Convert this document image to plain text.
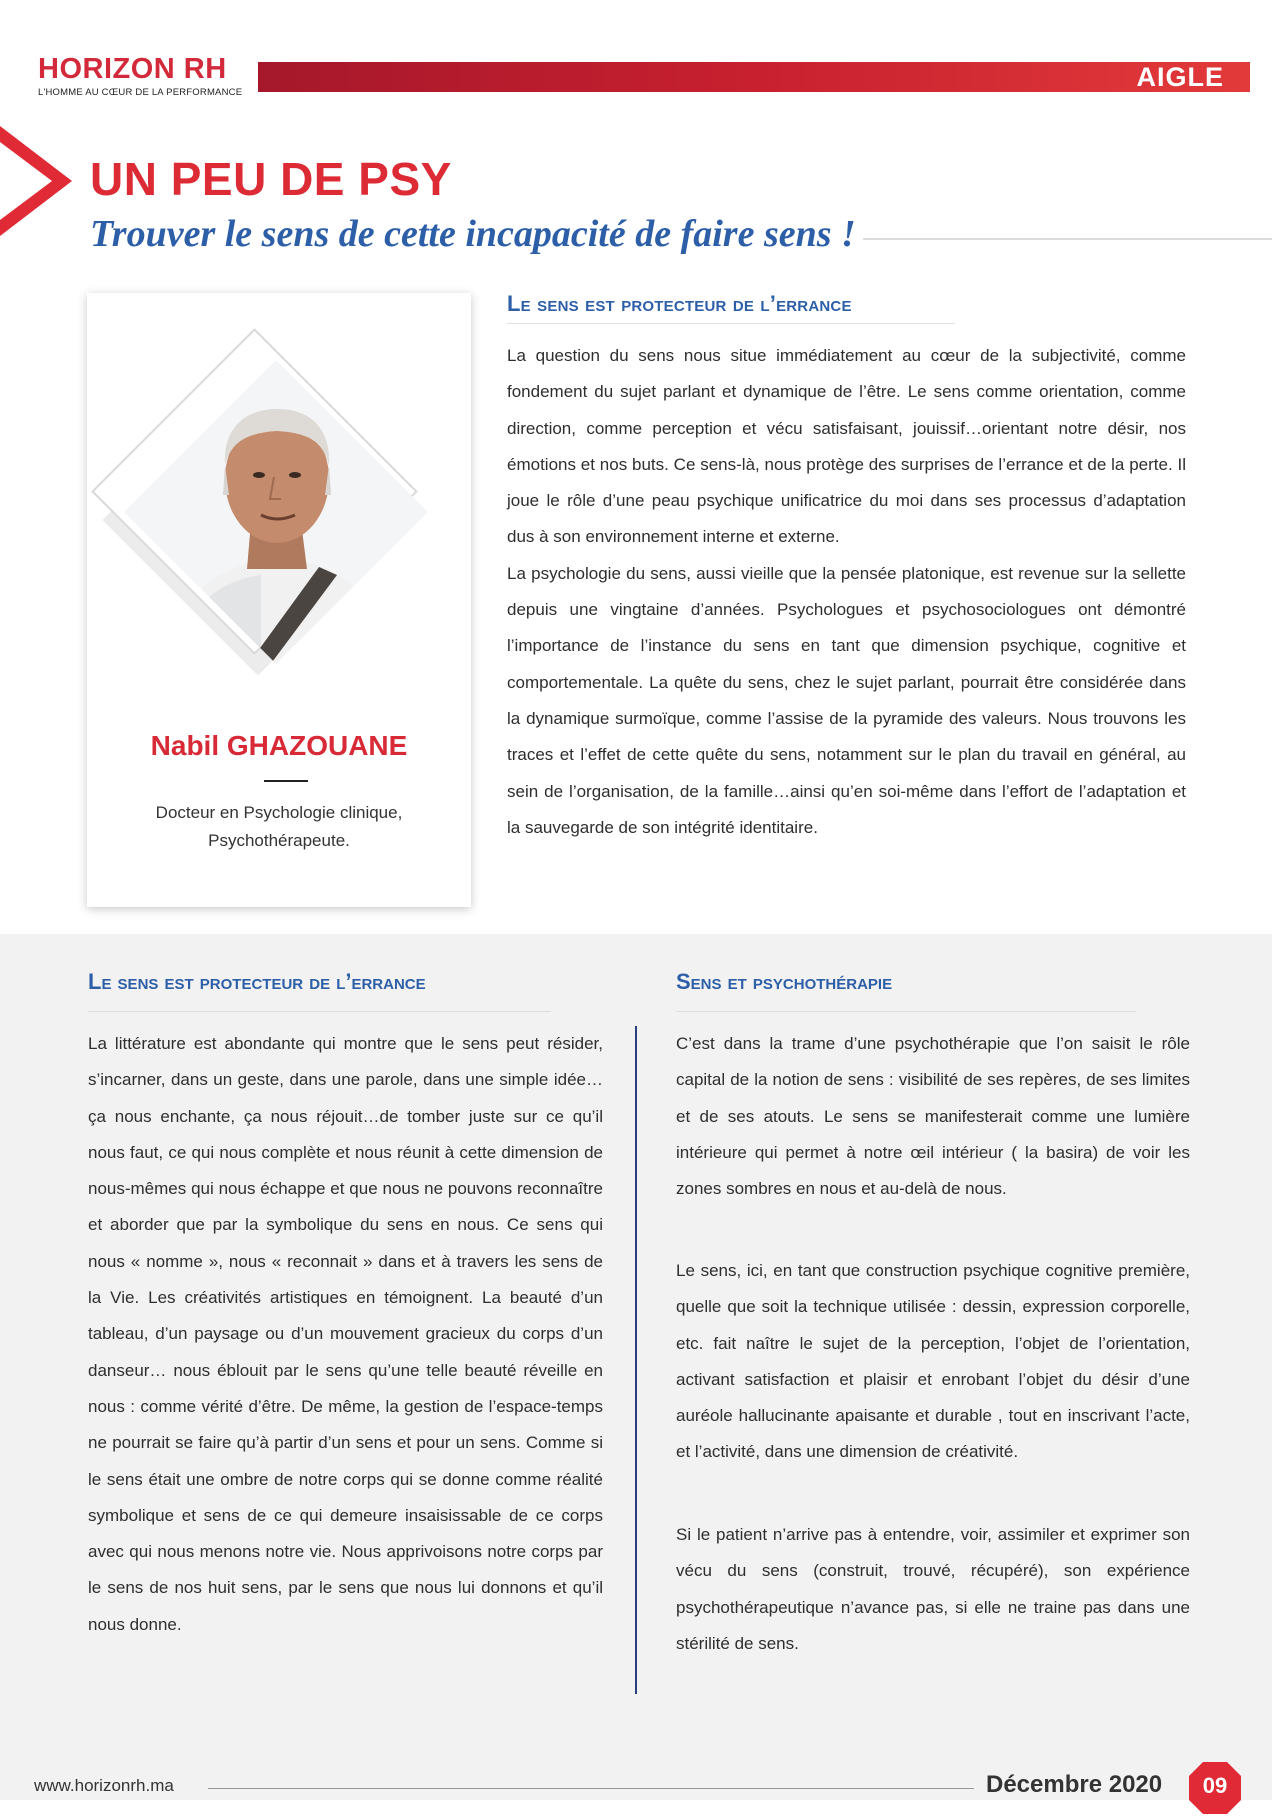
HORIZON RH
L'HOMME AU CŒUR DE LA PERFORMANCE
AIGLE
UN PEU DE PSY
Trouver le sens de cette incapacité de faire sens !
Nabil GHAZOUANE
Docteur en Psychologie clinique,
Psychothérapeute.
Le sens est protecteur de l’errance

La question du sens nous situe immédiatement au cœur de la subjectivité, comme fondement du sujet parlant et dynamique de l’être. Le sens comme orientation, comme direction, comme perception et vécu satisfaisant, jouissif…orientant notre désir, nos émotions et nos buts. Ce sens-là, nous protège des surprises de l’errance et de la perte. Il joue le rôle d’une peau psychique unificatrice du moi dans ses processus d’adaptation dus à son environnement interne et externe.

La psychologie du sens, aussi vieille que la pensée platonique, est revenue sur la sellette depuis une vingtaine d’années. Psychologues et psychosociologues ont démontré l’importance de l’instance du sens en tant que dimension psychique, cognitive et comportementale. La quête du sens, chez le sujet parlant, pourrait être considérée dans la dynamique surmoïque, comme l’assise de la pyramide des valeurs. Nous trouvons les traces et l’effet de cette quête du sens, notamment sur le plan du travail en général, au sein de l’organisation, de la famille…ainsi qu’en soi-même dans l’effort de l’adaptation et la sauvegarde de son intégrité identitaire.

Le sens est protecteur de l’errance

La littérature est abondante qui montre que le sens peut résider, s’incarner, dans un geste, dans une parole, dans une simple idée…ça nous enchante, ça nous réjouit…de tomber juste sur ce qu’il nous faut, ce qui nous complète et nous réunit à cette dimension de nous-mêmes qui nous échappe et que nous ne pouvons reconnaître et aborder que par la symbolique du sens en nous. Ce sens qui nous « nomme », nous « reconnait » dans et à travers les sens de la Vie. Les créativités artistiques en témoignent. La beauté d’un tableau, d’un paysage ou d’un mouvement gracieux du corps d’un danseur… nous éblouit par le sens qu’une telle beauté réveille en nous : comme vérité d’être. De même, la gestion de l’espace-temps ne pourrait se faire qu’à partir d’un sens et pour un sens. Comme si le sens était une ombre de notre corps qui se donne comme réalité symbolique et sens de ce qui demeure insaisissable de ce corps avec qui nous menons notre vie. Nous apprivoisons notre corps par le sens de nos huit sens, par le sens que nous lui donnons et qu’il nous donne.

Sens et psychothérapie

C’est dans la trame d’une psychothérapie que l’on saisit le rôle capital de la notion de sens : visibilité de ses repères, de ses limites et de ses atouts. Le sens se manifesterait comme une lumière intérieure qui permet à notre œil intérieur ( la basira) de voir les zones sombres en nous et au-delà de nous.

Le sens, ici, en tant que construction psychique cognitive première, quelle que soit la technique utilisée : dessin, expression corporelle, etc. fait naître le sujet de la perception, l’objet de l’orientation, activant satisfaction et plaisir et enrobant l’objet du désir d’une auréole hallucinante apaisante et durable , tout en inscrivant l’acte, et l’activité, dans une dimension de créativité.

Si le patient n’arrive pas à entendre, voir, assimiler et exprimer son vécu du sens (construit, trouvé, récupéré), son expérience psychothérapeutique n’avance pas, si elle ne traine pas dans une stérilité de sens.

www.horizonrh.ma	Décembre 2020	09
